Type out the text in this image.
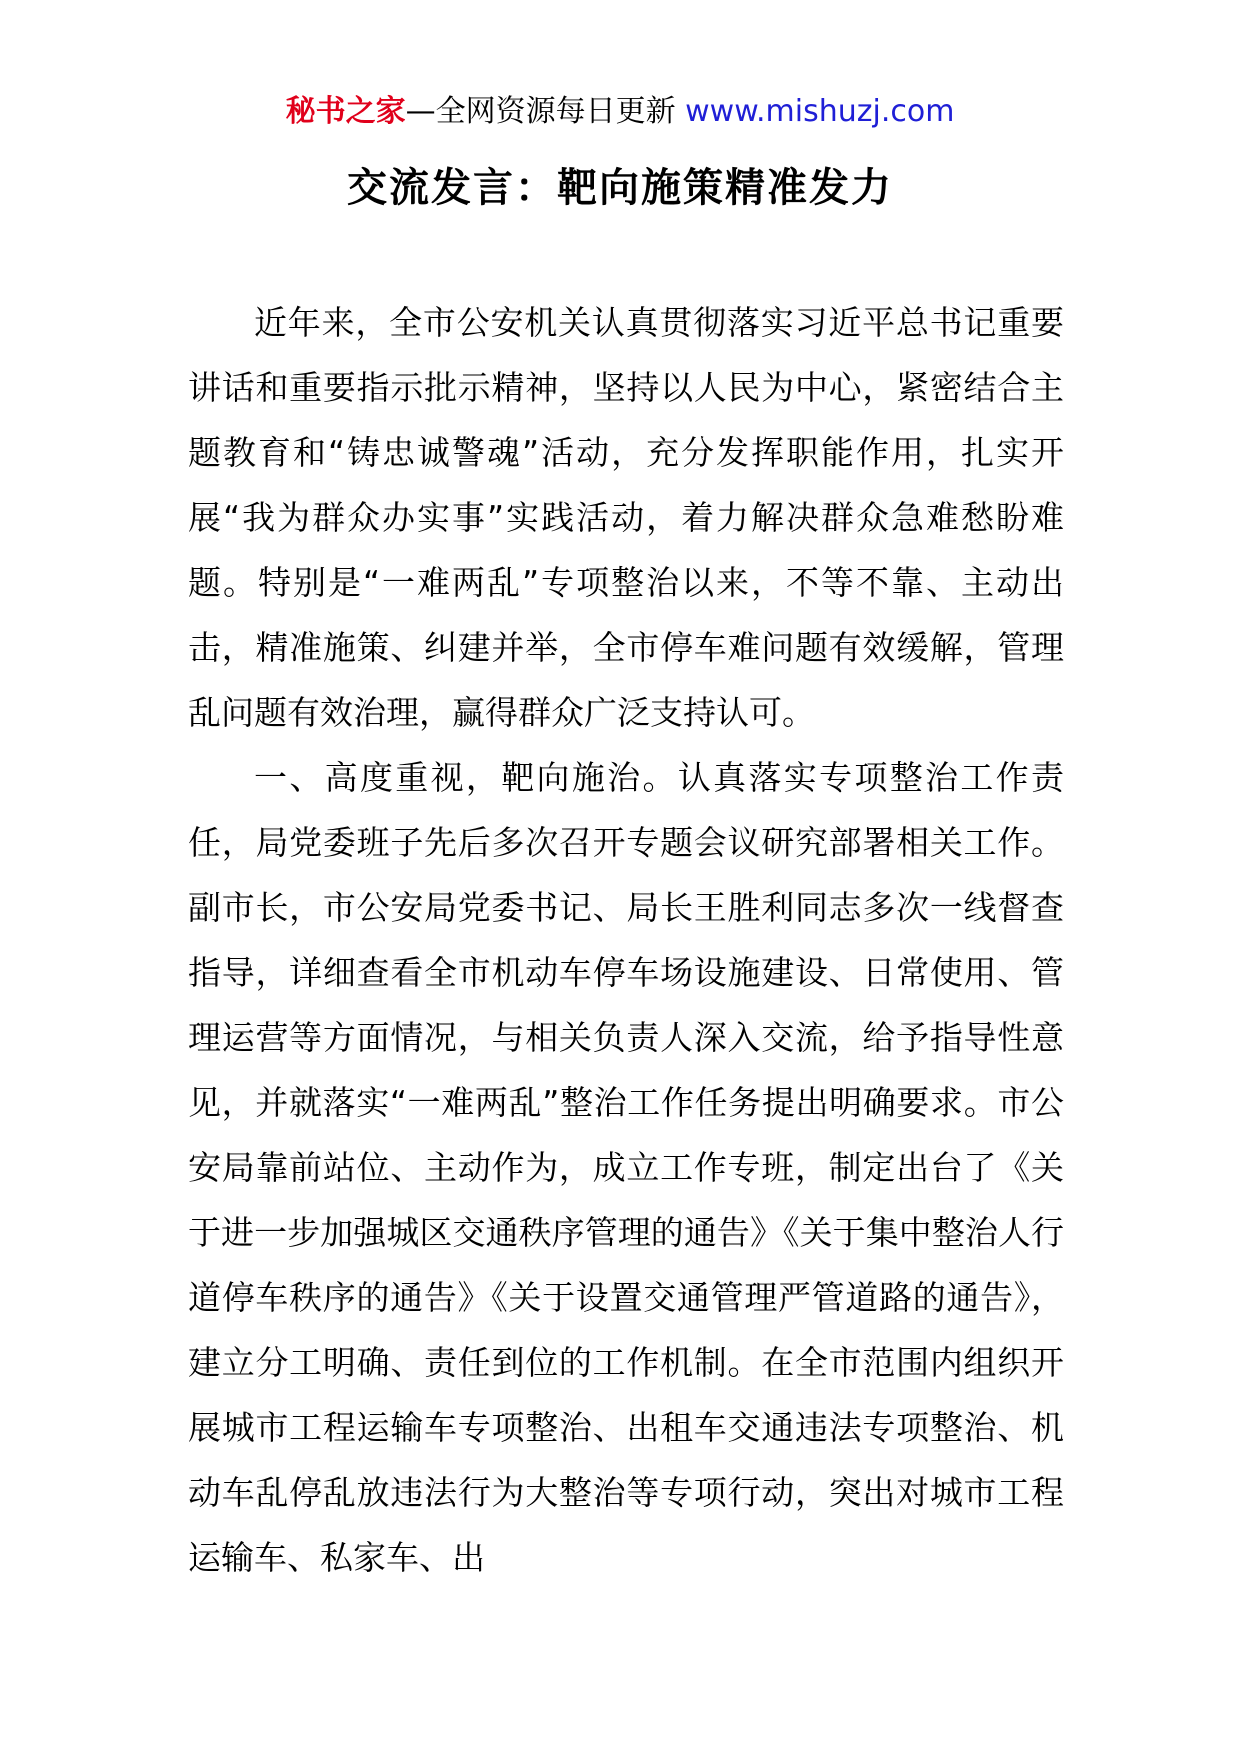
秘书之家—全网资源每日更新 www.mishuzj.com
交流发言：靶向施策精准发力

近年来，全市公安机关认真贯彻落实习近平总书记重要讲话和重要指示批示精神，坚持以人民为中心，紧密结合主题教育和“铸忠诚警魂”活动，充分发挥职能作用，扎实开展“我为群众办实事”实践活动，着力解决群众急难愁盼难题。特别是“一难两乱”专项整治以来，不等不靠、主动出击，精准施策、纠建并举，全市停车难问题有效缓解，管理乱问题有效治理，赢得群众广泛支持认可。

一、高度重视，靶向施治。认真落实专项整治工作责任，局党委班子先后多次召开专题会议研究部署相关工作。副市长，市公安局党委书记、局长王胜利同志多次一线督查指导，详细查看全市机动车停车场设施建设、日常使用、管理运营等方面情况，与相关负责人深入交流，给予指导性意见，并就落实“一难两乱”整治工作任务提出明确要求。市公安局靠前站位、主动作为，成立工作专班，制定出台了《关于进一步加强城区交通秩序管理的通告》《关于集中整治人行道停车秩序的通告》《关于设置交通管理严管道路的通告》，建立分工明确、责任到位的工作机制。在全市范围内组织开展城市工程运输车专项整治、出租车交通违法专项整治、机动车乱停乱放违法行为大整治等专项行动，突出对城市工程运输车、私家车、出
